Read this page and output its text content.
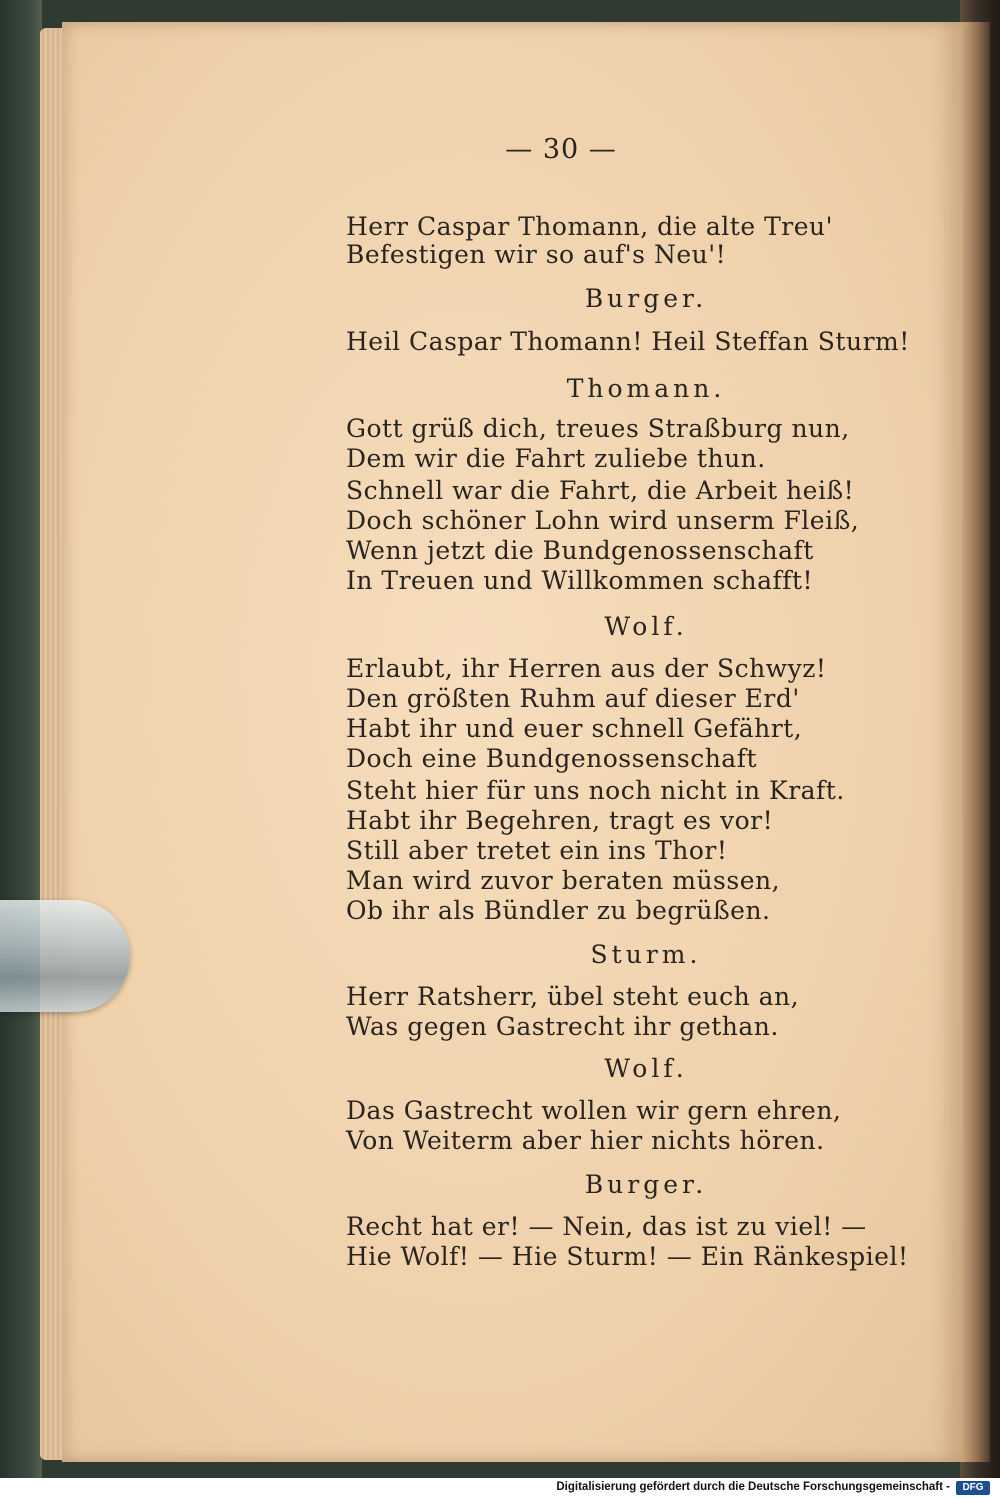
— 30 —
Herr Caspar Thomann, die alte Treu'
Befestigen wir so auf's Neu'!
Burger.
Heil Caspar Thomann! Heil Steffan Sturm!
Thomann.
Gott grüß dich, treues Straßburg nun,
Dem wir die Fahrt zuliebe thun.
Schnell war die Fahrt, die Arbeit heiß!
Doch schöner Lohn wird unserm Fleiß,
Wenn jetzt die Bundgenossenschaft
In Treuen und Willkommen schafft!
Wolf.
Erlaubt, ihr Herren aus der Schwyz!
Den größten Ruhm auf dieser Erd'
Habt ihr und euer schnell Gefährt,
Doch eine Bundgenossenschaft
Steht hier für uns noch nicht in Kraft.
Habt ihr Begehren, tragt es vor!
Still aber tretet ein ins Thor!
Man wird zuvor beraten müssen,
Ob ihr als Bündler zu begrüßen.
Sturm.
Herr Ratsherr, übel steht euch an,
Was gegen Gastrecht ihr gethan.
Wolf.
Das Gastrecht wollen wir gern ehren,
Von Weiterm aber hier nichts hören.
Burger.
Recht hat er! — Nein, das ist zu viel! —
Hie Wolf! — Hie Sturm! — Ein Ränkespiel!
Digitalisierung gefördert durch die Deutsche Forschungsgemeinschaft -	DFG
